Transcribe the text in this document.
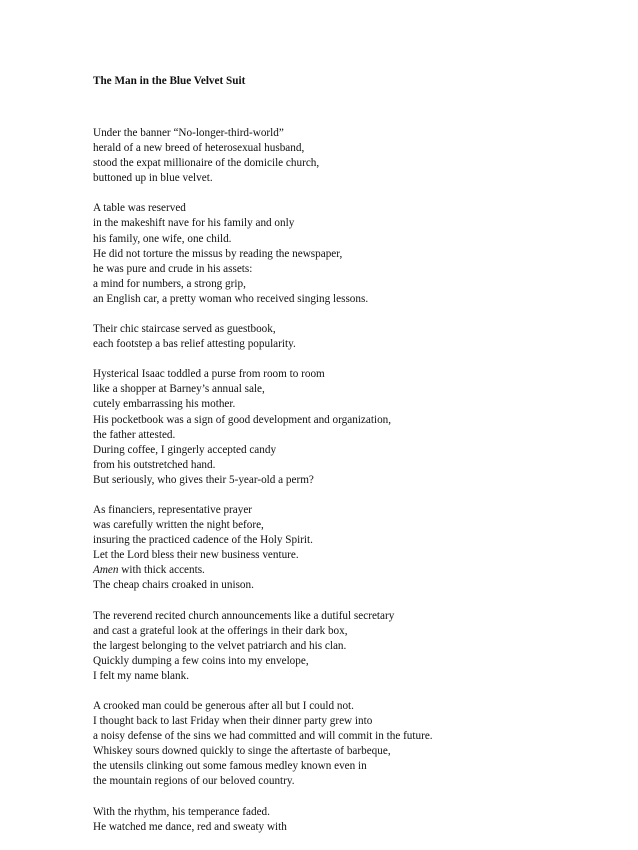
The Man in the Blue Velvet Suit

Under the banner “No-longer-third-world”
herald of a new breed of heterosexual husband,
stood the expat millionaire of the domicile church,
buttoned up in blue velvet.
A table was reserved
in the makeshift nave for his family and only
his family, one wife, one child.
He did not torture the missus by reading the newspaper,
he was pure and crude in his assets:
a mind for numbers, a strong grip,
an English car, a pretty woman who received singing lessons.
Their chic staircase served as guestbook,
each footstep a bas relief attesting popularity.
Hysterical Isaac toddled a purse from room to room
like a shopper at Barney’s annual sale,
cutely embarrassing his mother.
His pocketbook was a sign of good development and organization,
the father attested.
During coffee, I gingerly accepted candy
from his outstretched hand.
But seriously, who gives their 5-year-old a perm?
As financiers, representative prayer
was carefully written the night before,
insuring the practiced cadence of the Holy Spirit.
Let the Lord bless their new business venture.
Amen with thick accents.
The cheap chairs croaked in unison.
The reverend recited church announcements like a dutiful secretary
and cast a grateful look at the offerings in their dark box,
the largest belonging to the velvet patriarch and his clan.
Quickly dumping a few coins into my envelope,
I felt my name blank.
A crooked man could be generous after all but I could not.
I thought back to last Friday when their dinner party grew into
a noisy defense of the sins we had committed and will commit in the future.
Whiskey sours downed quickly to singe the aftertaste of barbeque,
the utensils clinking out some famous medley known even in
the mountain regions of our beloved country.
With the rhythm, his temperance faded.
He watched me dance, red and sweaty with
